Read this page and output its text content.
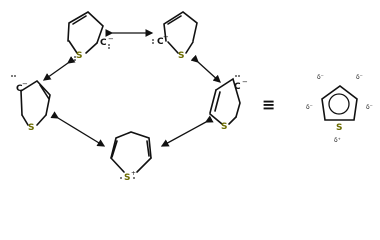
S
C −
S
C −
S
C −
S
C −
S +
≡
S
δ⁻	δ⁻
δ⁻	δ⁻
δ⁺
